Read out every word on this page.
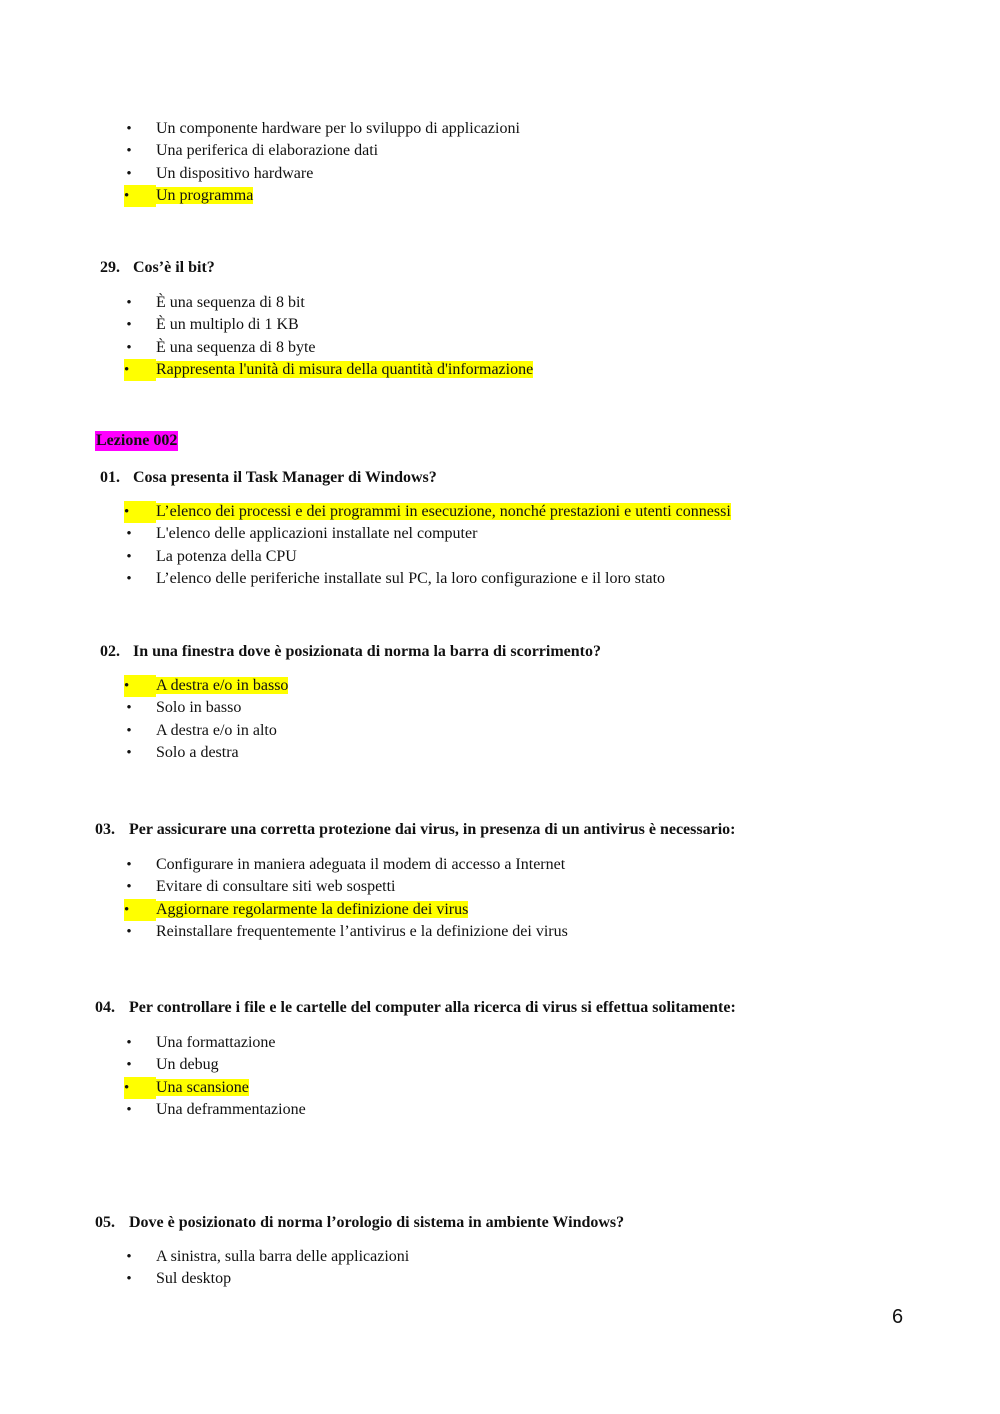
• Un componente hardware per lo sviluppo di applicazioni
• Una periferica di elaborazione dati
• Un dispositivo hardware
•	Un programma
29. Cos’è il bit?
• È una sequenza di 8 bit
• È un multiplo di 1 KB
• È una sequenza di 8 byte
•	Rappresenta l'unità di misura della quantità d'informazione
Lezione 002
01. Cosa presenta il Task Manager di Windows?
•	L’elenco dei processi e dei programmi in esecuzione, nonché prestazioni e utenti connessi
• L'elenco delle applicazioni installate nel computer
• La potenza della CPU
• L’elenco delle periferiche installate sul PC, la loro configurazione e il loro stato
02. In una finestra dove è posizionata di norma la barra di scorrimento?
•	A destra e/o in basso
• Solo in basso
• A destra e/o in alto
• Solo a destra
03. Per assicurare una corretta protezione dai virus, in presenza di un antivirus è necessario:
• Configurare in maniera adeguata il modem di accesso a Internet
• Evitare di consultare siti web sospetti
•	Aggiornare regolarmente la definizione dei virus
• Reinstallare frequentemente l’antivirus e la definizione dei virus
04. Per controllare i file e le cartelle del computer alla ricerca di virus si effettua solitamente:
• Una formattazione
• Un debug
•	Una scansione
• Una deframmentazione
05. Dove è posizionato di norma l’orologio di sistema in ambiente Windows?
• A sinistra, sulla barra delle applicazioni
• Sul desktop
6
